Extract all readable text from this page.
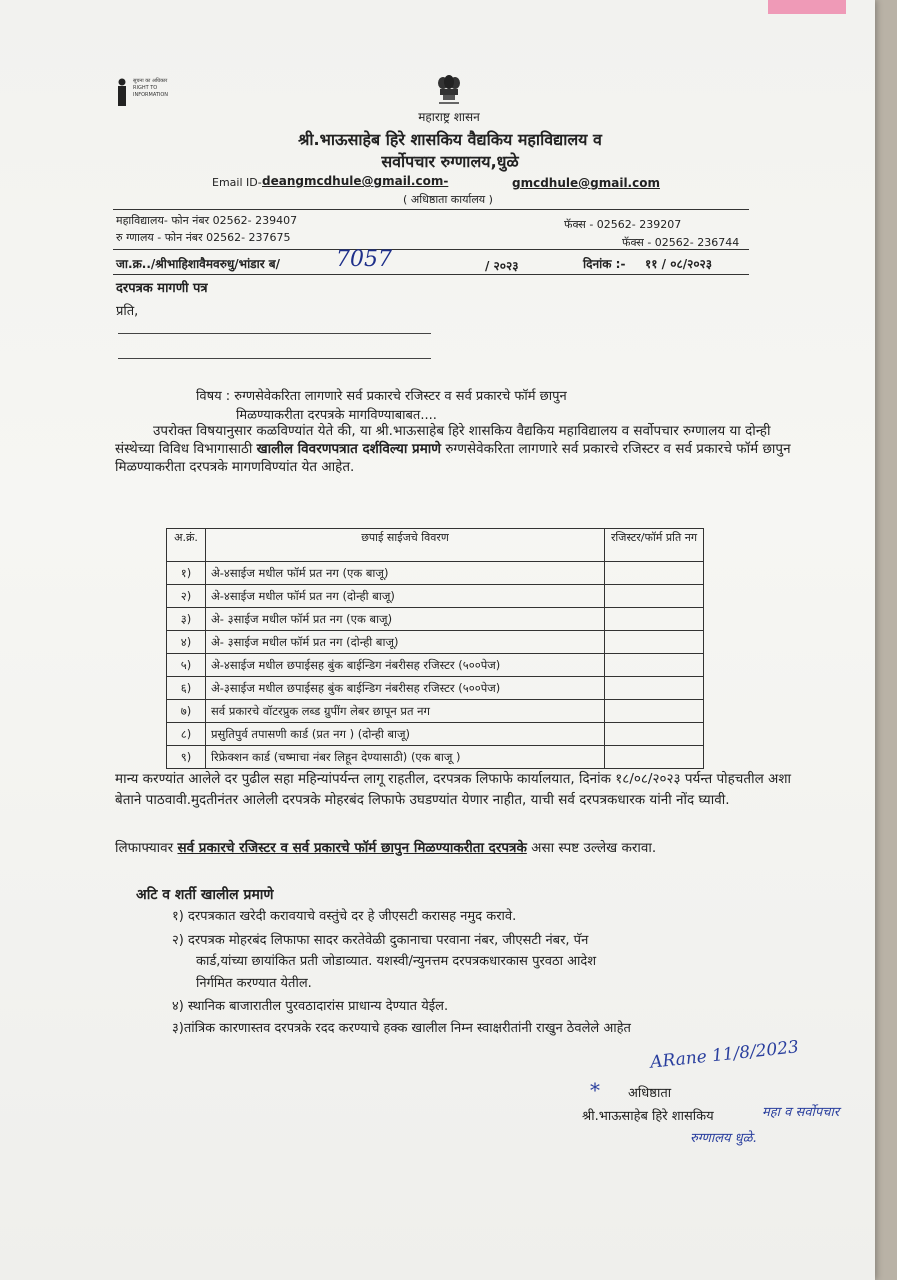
सूचना का अधिकार RIGHT TO INFORMATION
महाराष्ट्र शासन
श्री.भाऊसाहेब हिरे शासकिय वैद्यकिय महाविद्यालय व
सर्वोपचार रुग्णालय,धुळे
Email ID- deangmcdhule@gmail.com-	gmcdhule@gmail.com
( अधिष्ठाता कार्यालय )
महाविद्यालय- फोन नंबर 02562- 239407
रु ग्णालय - फोन नंबर 02562- 237675
फॅक्स - 02562- 239207
फॅक्स - 02562- 236744
जा.क्र../श्रीभाहिशावैमवरुधु/भांडार ब/	7057	/ २०२३	दिनांक :- ११ / ०८/२०२३
दरपत्रक मागणी पत्र
प्रति,
विषय : रुग्णसेवेकरिता लागणारे सर्व प्रकारचे रजिस्टर व सर्व प्रकारचे फॉर्म छापुन
मिळण्याकरीता दरपत्रके मागविण्याबाबत....

उपरोक्त विषयानुसार कळविण्यांत येते की, या श्री.भाऊसाहेब हिरे शासकिय वैद्यकिय महाविद्यालय व सर्वोपचार रुग्णालय या दोन्ही संस्थेच्या विविध विभागासाठी खालील विवरणपत्रात दर्शविल्या प्रमाणे रुग्णसेवेकरिता लागणारे सर्व प्रकारचे रजिस्टर व सर्व प्रकारचे फॉर्म छापुन मिळण्याकरीता दरपत्रके मागणविण्यांत येत आहेत.

अ.क्रं.	छपाई साईजचे विवरण	रजिस्टर/फॉर्म प्रति नग
१)	अे-४साईज मधील फॉर्म प्रत नग (एक बाजू)	
२)	अे-४साईज मधील फॉर्म प्रत नग (दोन्ही बाजू)	
३)	अे- ३साईज मधील फॉर्म प्रत नग (एक बाजू)	
४)	अे- ३साईज मधील फॉर्म प्रत नग (दोन्ही बाजू)	
५)	अे-४साईज मधील छपाईसह बुंक बाईन्डिग नंबरीसह रजिस्टर (५००पेज)	
६)	अे-३साईज मधील छपाईसह बुंक बाईन्डिग नंबरीसह रजिस्टर (५००पेज)	
७)	सर्व प्रकारचे वॉटरप्रुक लब्ड ग्रुपींग लेबर छापून प्रत नग	
८)	प्रसुतिपुर्व तपासणी कार्ड (प्रत नग ) (दोन्ही बाजू)	
९)	रिफ्रेक्शन कार्ड (चष्माचा नंबर लिहून देण्यासाठी) (एक बाजू )	

मान्य करण्यांत आलेले दर पुढील सहा महिन्यांपर्यन्त लागू राहतील, दरपत्रक लिफाफे कार्यालयात, दिनांक १८/०८/२०२३ पर्यन्त पोहचतील अशा बेताने पाठवावी.मुदतीनंतर आलेली दरपत्रके मोहरबंद लिफाफे उघडण्यांत येणार नाहीत, याची सर्व दरपत्रकधारक यांनी नोंद घ्यावी.

लिफाफ्यावर सर्व प्रकारचे रजिस्टर व सर्व प्रकारचे फॉर्म छापुन मिळण्याकरीता दरपत्रके असा स्पष्ट उल्लेख करावा.

अटि व शर्ती खालील प्रमाणे
१) दरपत्रकात खरेदी करावयाचे वस्तुंचे दर हे जीएसटी करासह नमुद करावे.
२) दरपत्रक मोहरबंद लिफाफा सादर करतेवेळी दुकानाचा परवाना नंबर, जीएसटी नंबर, पॅन
कार्ड,यांच्या छायांकित प्रती जोडाव्यात. यशस्वी/न्युनत्तम दरपत्रकधारकास पुरवठा आदेश
निर्गमित करण्यात येतील.
४) स्थानिक बाजारातील पुरवठादारांस प्राधान्य देण्यात येईल.
३)तांत्रिक कारणास्तव दरपत्रके रदद करण्याचे हक्क खालील निम्न स्वाक्षरीतांनी राखुन ठेवलेले आहेत
ARane 11/8/2023
* अधिष्ठाता
श्री.भाऊसाहेब हिरे शासकिय	महा व सर्वोपचार
रुग्णालय धुळे.
